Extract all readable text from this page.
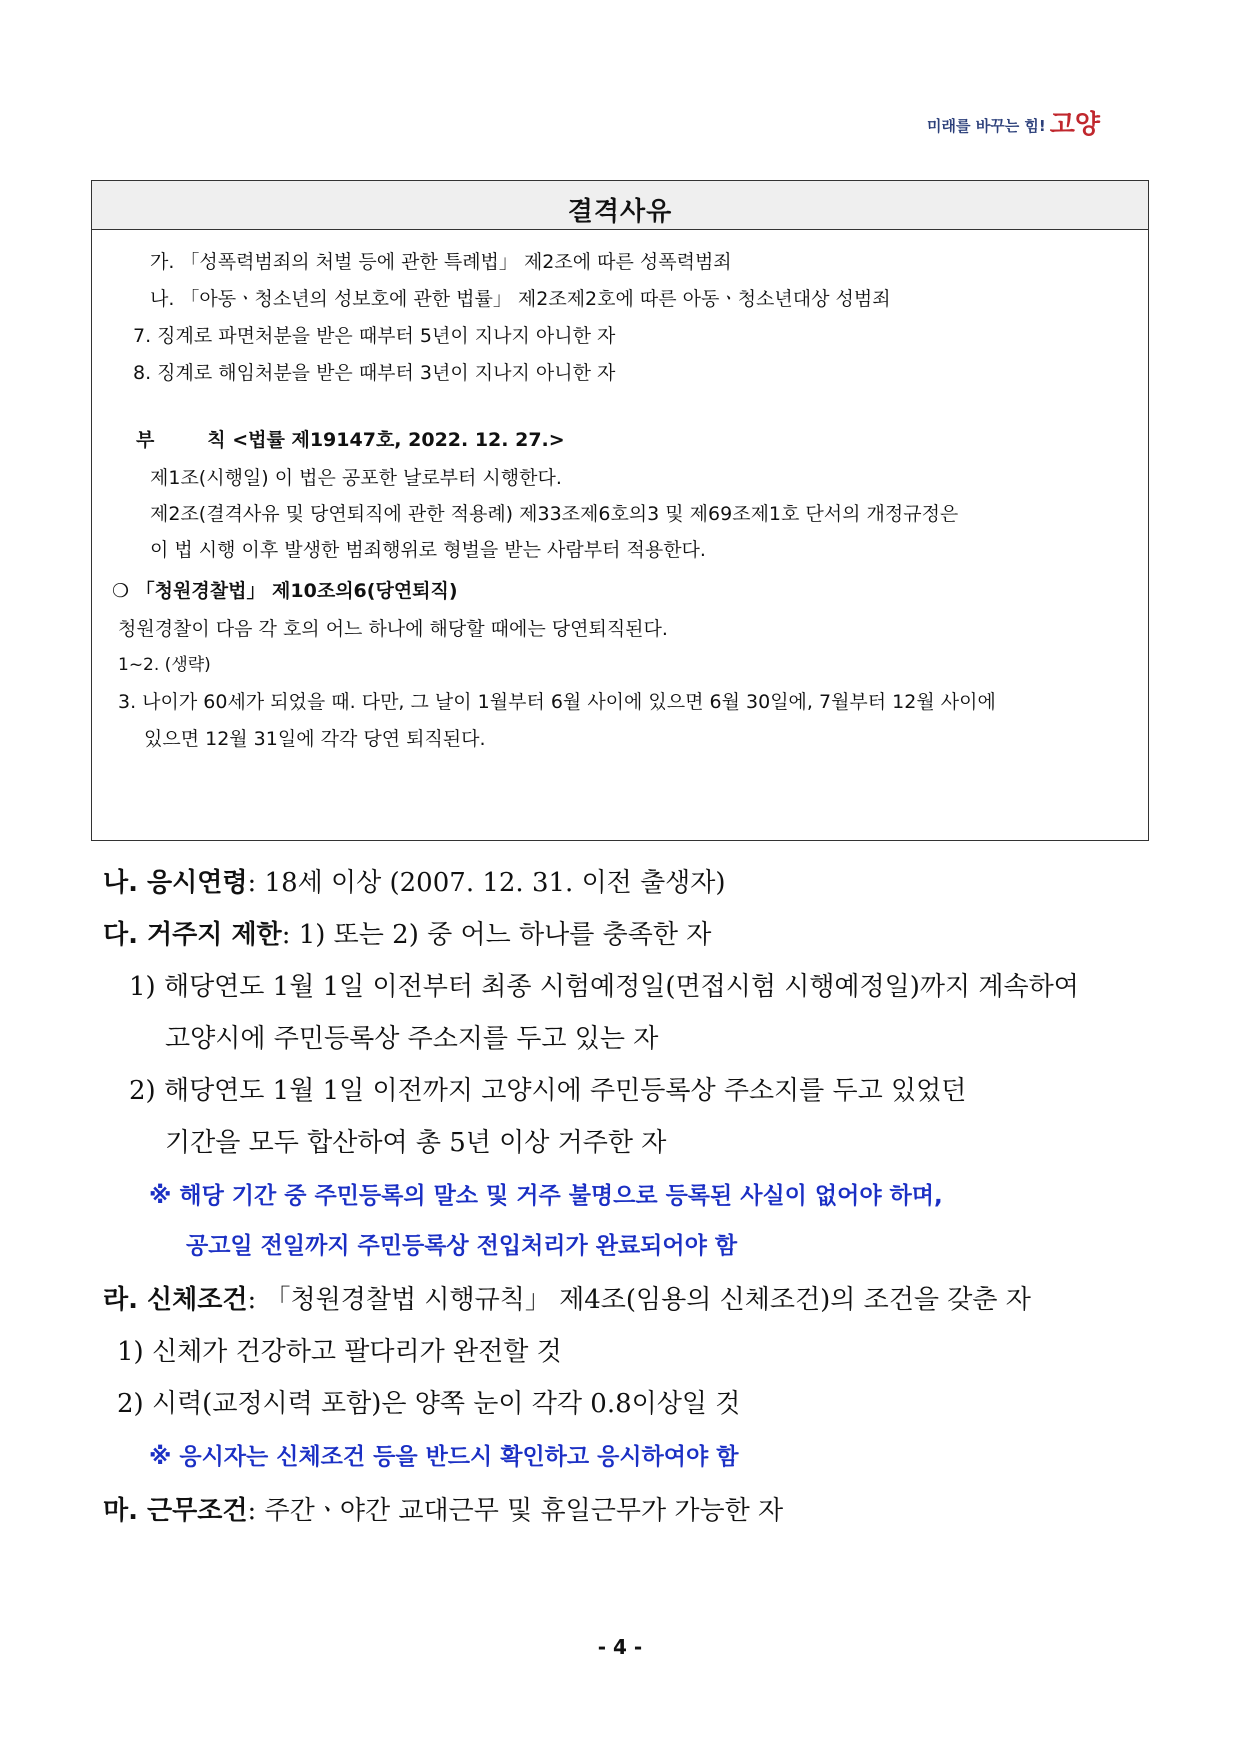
미래를 바꾸는 힘! 고양
결격사유
가. 「성폭력범죄의 처벌 등에 관한 특례법」 제2조에 따른 성폭력범죄
나. 「아동ㆍ청소년의 성보호에 관한 법률」 제2조제2호에 따른 아동ㆍ청소년대상 성범죄
7. 징계로 파면처분을 받은 때부터 5년이 지나지 아니한 자
8. 징계로 해임처분을 받은 때부터 3년이 지나지 아니한 자
부        칙 <법률 제19147호, 2022. 12. 27.>
제1조(시행일) 이 법은 공포한 날로부터 시행한다.
제2조(결격사유 및 당연퇴직에 관한 적용례) 제33조제6호의3 및 제69조제1호 단서의 개정규정은
이 법 시행 이후 발생한 범죄행위로 형벌을 받는 사람부터 적용한다.
❍ 「청원경찰법」 제10조의6(당연퇴직)
청원경찰이 다음 각 호의 어느 하나에 해당할 때에는 당연퇴직된다.
1~2. (생략)
3. 나이가 60세가 되었을 때. 다만, 그 날이 1월부터 6월 사이에 있으면 6월 30일에, 7월부터 12월 사이에
있으면 12월 31일에 각각 당연 퇴직된다.
나. 응시연령: 18세 이상 (2007. 12. 31. 이전 출생자)
다. 거주지 제한: 1) 또는 2) 중 어느 하나를 충족한 자
1) 해당연도 1월 1일 이전부터 최종 시험예정일(면접시험 시행예정일)까지 계속하여
고양시에 주민등록상 주소지를 두고 있는 자
2) 해당연도 1월 1일 이전까지 고양시에 주민등록상 주소지를 두고 있었던
기간을 모두 합산하여 총 5년 이상 거주한 자
※ 해당 기간 중 주민등록의 말소 및 거주 불명으로 등록된 사실이 없어야 하며,
공고일 전일까지 주민등록상 전입처리가 완료되어야 함
라. 신체조건: 「청원경찰법 시행규칙」 제4조(임용의 신체조건)의 조건을 갖춘 자
1) 신체가 건강하고 팔다리가 완전할 것
2) 시력(교정시력 포함)은 양쪽 눈이 각각 0.8이상일 것
※ 응시자는 신체조건 등을 반드시 확인하고 응시하여야 함
마. 근무조건: 주간ㆍ야간 교대근무 및 휴일근무가 가능한 자
- 4 -
